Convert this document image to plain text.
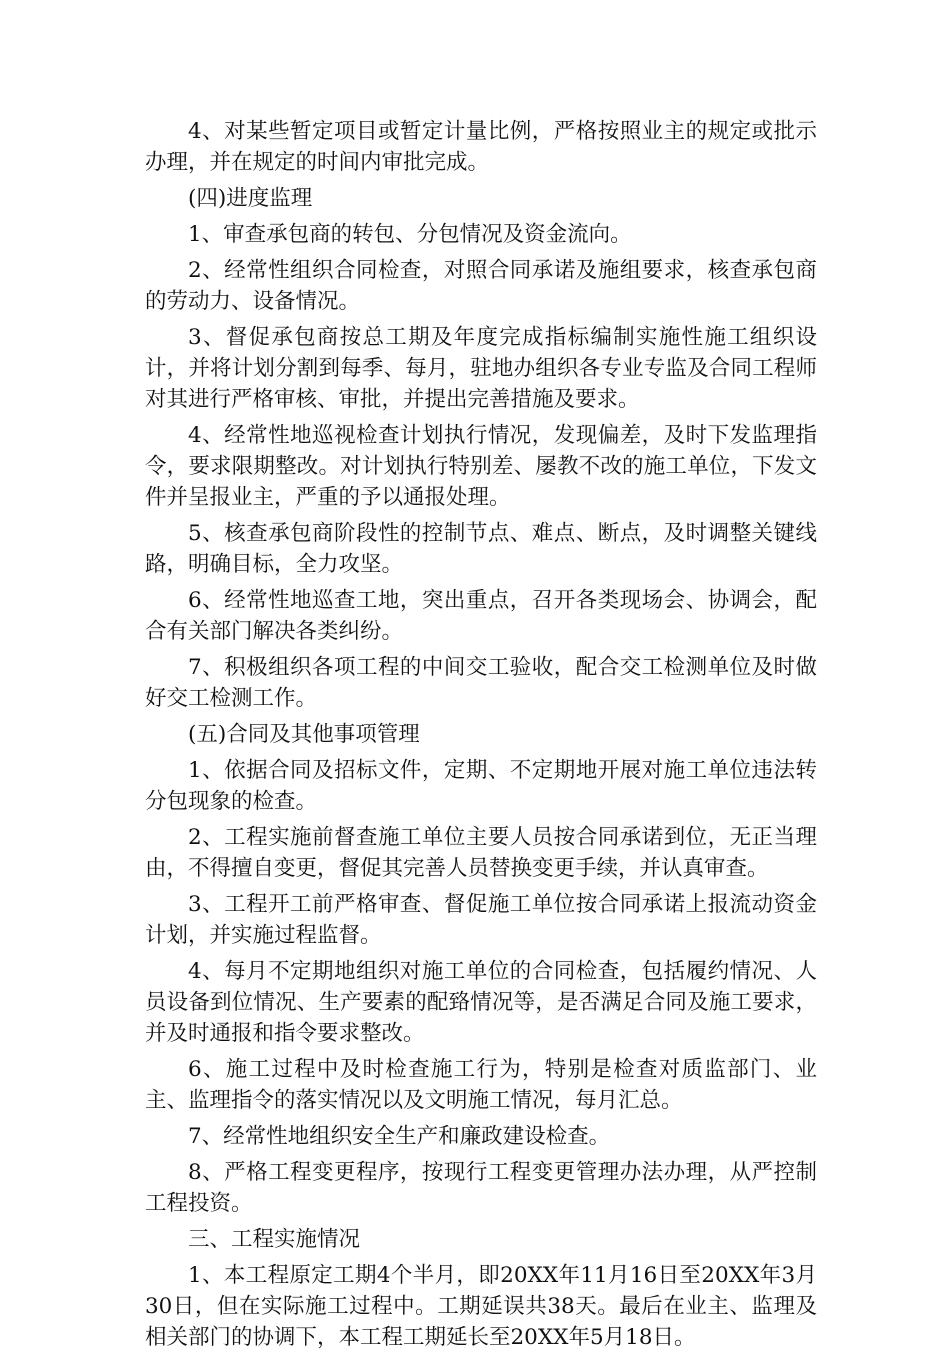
4、对某些暂定项目或暂定计量比例，严格按照业主的规定或批示办理，并在规定的时间内审批完成。

(四)进度监理

1、审查承包商的转包、分包情况及资金流向。

2、经常性组织合同检查，对照合同承诺及施组要求，核查承包商的劳动力、设备情况。

3、督促承包商按总工期及年度完成指标编制实施性施工组织设计，并将计划分割到每季、每月，驻地办组织各专业专监及合同工程师对其进行严格审核、审批，并提出完善措施及要求。

4、经常性地巡视检查计划执行情况，发现偏差，及时下发监理指令，要求限期整改。对计划执行特别差、屡教不改的施工单位，下发文件并呈报业主，严重的予以通报处理。

5、核查承包商阶段性的控制节点、难点、断点，及时调整关键线路，明确目标，全力攻坚。

6、经常性地巡查工地，突出重点，召开各类现场会、协调会，配合有关部门解决各类纠纷。

7、积极组织各项工程的中间交工验收，配合交工检测单位及时做好交工检测工作。

(五)合同及其他事项管理

1、依据合同及招标文件，定期、不定期地开展对施工单位违法转分包现象的检查。

2、工程实施前督查施工单位主要人员按合同承诺到位，无正当理由，不得擅自变更，督促其完善人员替换变更手续，并认真审查。

3、工程开工前严格审查、督促施工单位按合同承诺上报流动资金计划，并实施过程监督。

4、每月不定期地组织对施工单位的合同检查，包括履约情况、人员设备到位情况、生产要素的配臵情况等，是否满足合同及施工要求，并及时通报和指令要求整改。

6、施工过程中及时检查施工行为，特别是检查对质监部门、业主、监理指令的落实情况以及文明施工情况，每月汇总。

7、经常性地组织安全生产和廉政建设检查。

8、严格工程变更程序，按现行工程变更管理办法办理，从严控制工程投资。

三、工程实施情况

1、本工程原定工期4个半月，即20XX年11月16日至20XX年3月30日，但在实际施工过程中。工期延误共38天。最后在业主、监理及相关部门的协调下，本工程工期延长至20XX年5月18日。
